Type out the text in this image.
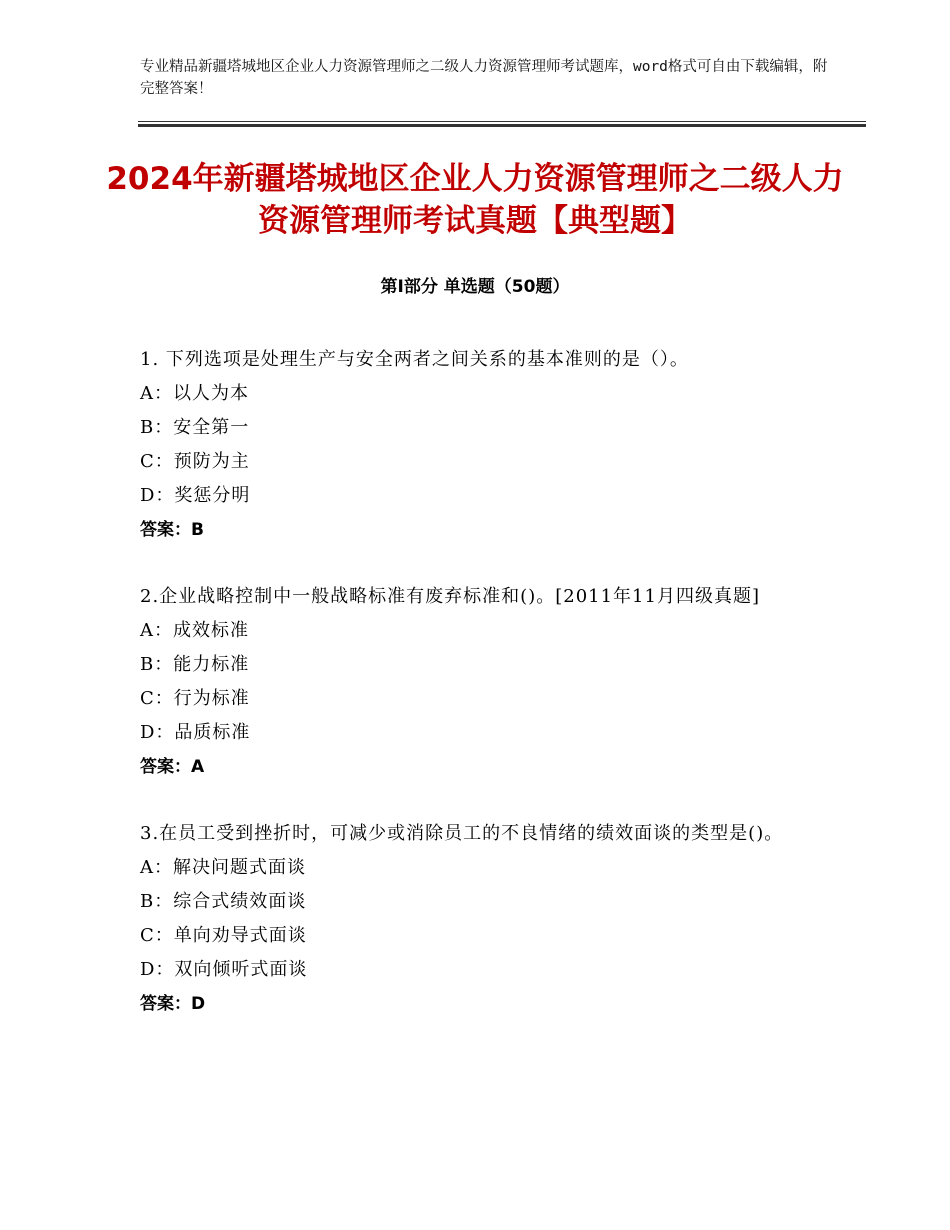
专业精品新疆塔城地区企业人力资源管理师之二级人力资源管理师考试题库，word格式可自由下载编辑，附完整答案！
2024年新疆塔城地区企业人力资源管理师之二级人力资源管理师考试真题【典型题】
第Ⅰ部分 单选题（50题）
1. 下列选项是处理生产与安全两者之间关系的基本准则的是（）。
A：以人为本
B：安全第一
C：预防为主
D：奖惩分明
答案：B
2.企业战略控制中一般战略标准有废弃标准和()。[2011年11月四级真题]
A：成效标准
B：能力标准
C：行为标准
D：品质标准
答案：A
3.在员工受到挫折时，可减少或消除员工的不良情绪的绩效面谈的类型是()。
A：解决问题式面谈
B：综合式绩效面谈
C：单向劝导式面谈
D：双向倾听式面谈
答案：D
